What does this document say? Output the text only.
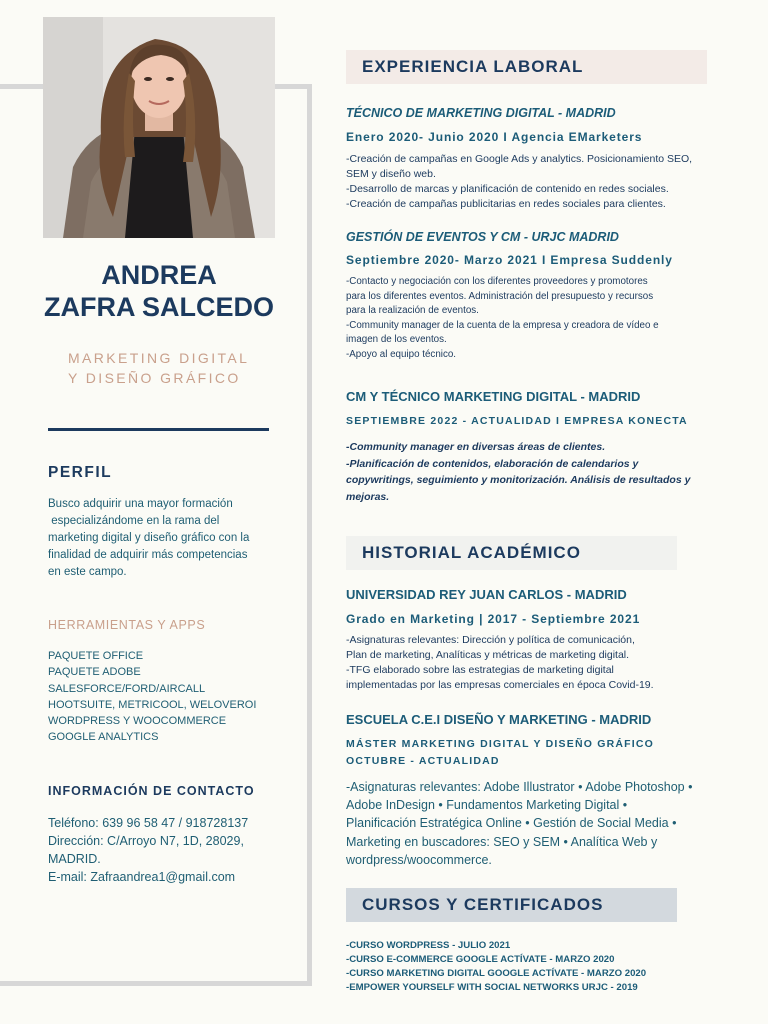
ANDREA
ZAFRA SALCEDO
MARKETING DIGITAL
Y DISEÑO GRÁFICO
PERFIL
Busco adquirir una mayor formación
especializándome en la rama del
marketing digital y diseño gráfico con la
finalidad de adquirir más competencias
en este campo.
HERRAMIENTAS Y APPS
PAQUETE OFFICE
PAQUETE ADOBE
SALESFORCE/FORD/AIRCALL
HOOTSUITE, METRICOOL, WELOVEROI
WORDPRESS Y WOOCOMMERCE
GOOGLE ANALYTICS
INFORMACIÓN DE CONTACTO
Teléfono: 639 96 58 47 / 918728137
Dirección: C/Arroyo N7, 1D, 28029,
MADRID.
E-mail: Zafraandrea1@gmail.com
EXPERIENCIA LABORAL
TÉCNICO DE MARKETING DIGITAL - MADRID
Enero 2020- Junio 2020 I Agencia EMarketers
-Creación de campañas en Google Ads y analytics. Posicionamiento SEO,
SEM y diseño web.
-Desarrollo de marcas y planificación de contenido en redes sociales.
-Creación de campañas publicitarias en redes sociales para clientes.
GESTIÓN DE EVENTOS Y CM - URJC MADRID
Septiembre 2020- Marzo 2021 I Empresa Suddenly
-Contacto y negociación con los diferentes proveedores y promotores
para los diferentes eventos. Administración del presupuesto y recursos
para la realización de eventos.
-Community manager de la cuenta de la empresa y creadora de vídeo e
imagen de los eventos.
-Apoyo al equipo técnico.
CM Y TÉCNICO MARKETING DIGITAL - MADRID
SEPTIEMBRE 2022 - ACTUALIDAD I EMPRESA KONECTA
-Community manager en diversas áreas de clientes.
-Planificación de contenidos, elaboración de calendarios y
copywritings, seguimiento y monitorización. Análisis de resultados y
mejoras.
HISTORIAL ACADÉMICO
UNIVERSIDAD REY JUAN CARLOS - MADRID
Grado en Marketing | 2017 - Septiembre 2021
-Asignaturas relevantes: Dirección y política de comunicación,
Plan de marketing, Analíticas y métricas de marketing digital.
-TFG elaborado sobre las estrategias de marketing digital
implementadas por las empresas comerciales en época Covid-19.
ESCUELA C.E.I DISEÑO Y MARKETING - MADRID
MÁSTER MARKETING DIGITAL Y DISEÑO GRÁFICO
OCTUBRE - ACTUALIDAD
-Asignaturas relevantes: Adobe Illustrator • Adobe Photoshop •
Adobe InDesign • Fundamentos Marketing Digital •
Planificación Estratégica Online • Gestión de Social Media •
Marketing en buscadores: SEO y SEM • Analítica Web y
wordpress/woocommerce.
CURSOS Y CERTIFICADOS
-CURSO WORDPRESS - JULIO 2021
-CURSO E-COMMERCE GOOGLE ACTÍVATE - MARZO 2020
-CURSO MARKETING DIGITAL GOOGLE ACTÍVATE - MARZO 2020
-EMPOWER YOURSELF WITH SOCIAL NETWORKS URJC - 2019
